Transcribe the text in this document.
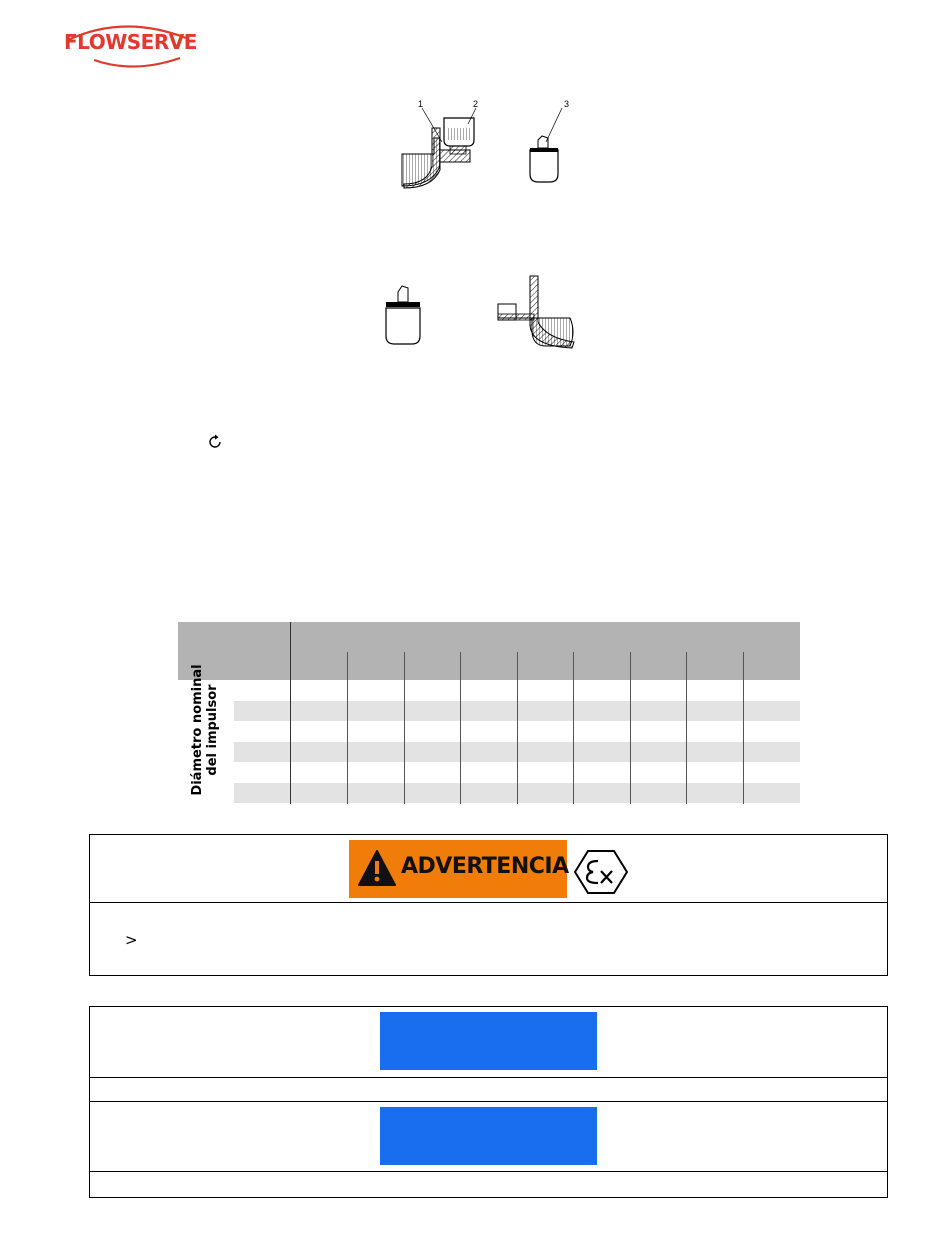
FLOWSERVE
1	2	3
Diámetro nominal del impulsor
ADVERTENCIA
>
